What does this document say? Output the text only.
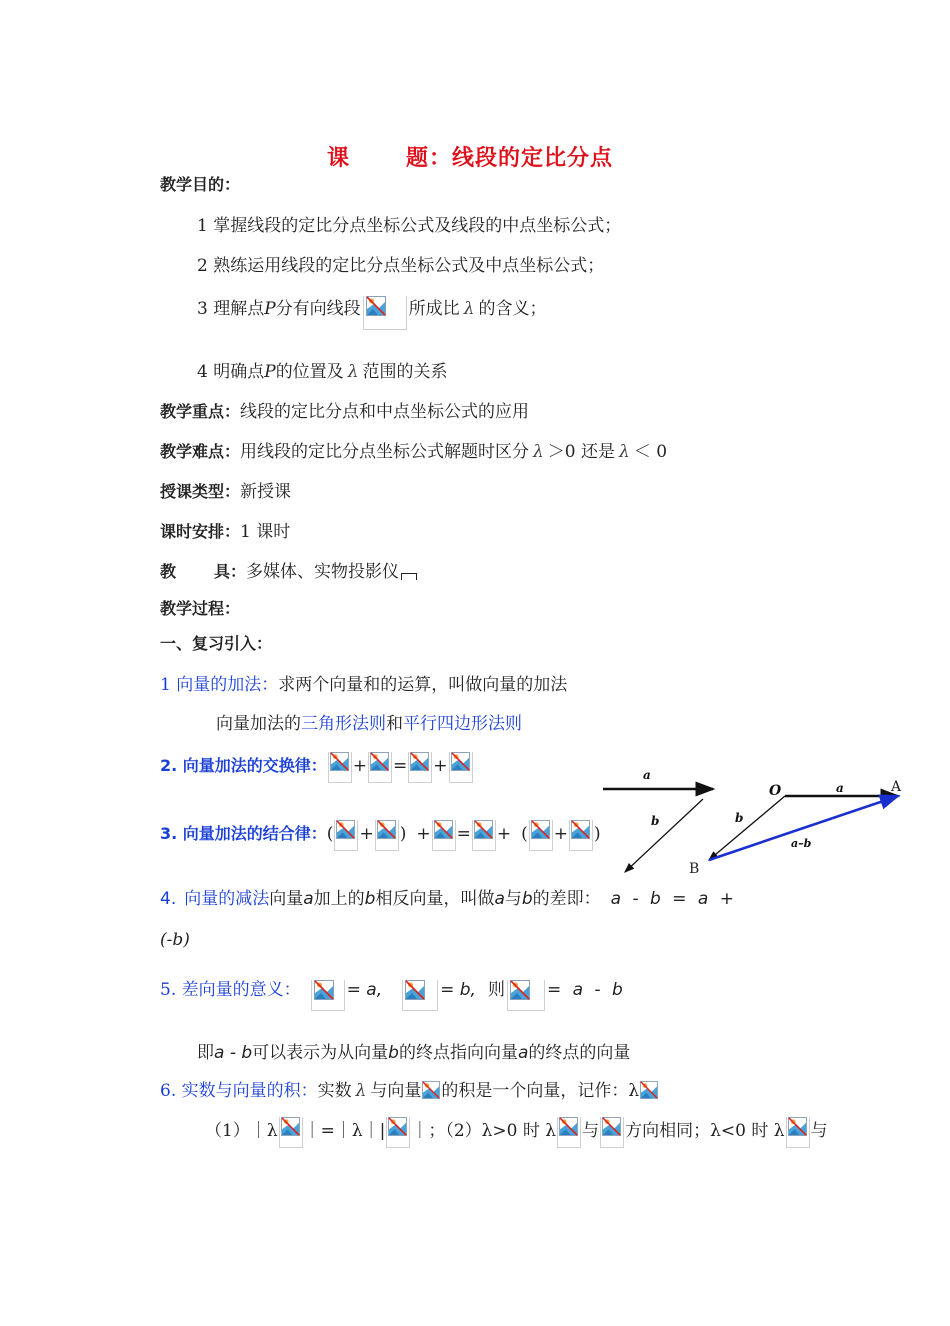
课	题：线段的定比分点
教学目的：
1 掌握线段的定比分点坐标公式及线段的中点坐标公式；
2 熟练运用线段的定比分点坐标公式及中点坐标公式；
3 理解点P分有向线段	所成比 λ 的含义；
4 明确点P的位置及 λ 范围的关系
教学重点：线段的定比分点和中点坐标公式的应用
教学难点：用线段的定比分点坐标公式解题时区分 λ ＞0 还是 λ ＜ 0
授课类型：新授课
课时安排：1 课时
教 具：多媒体、实物投影仪
教学过程：
一、复习引入：
1 向量的加法：求两个向量和的运算，叫做向量的加法
向量加法的三角形法则和平行四边形法则
2. 向量加法的交换律： + = +
3. 向量加法的结合律：( + ) + = + ( + )
a
b
O	a
b
a–b
A
B
4. 向量的减法向量a加上的b相反向量，叫做a与b的差即： a - b = a +
(-b)
5. 差向量的意义：	= a,	= b, 则 = a - b
即a - b可以表示为从向量b的终点指向向量a的终点的向量
6. 实数与向量的积：实数 λ 与向量 的积是一个向量，记作：λ
（1）｜λ ｜=｜λ｜| ｜；（2）λ>0 时 λ 与 方向相同；λ<0 时 λ 与
